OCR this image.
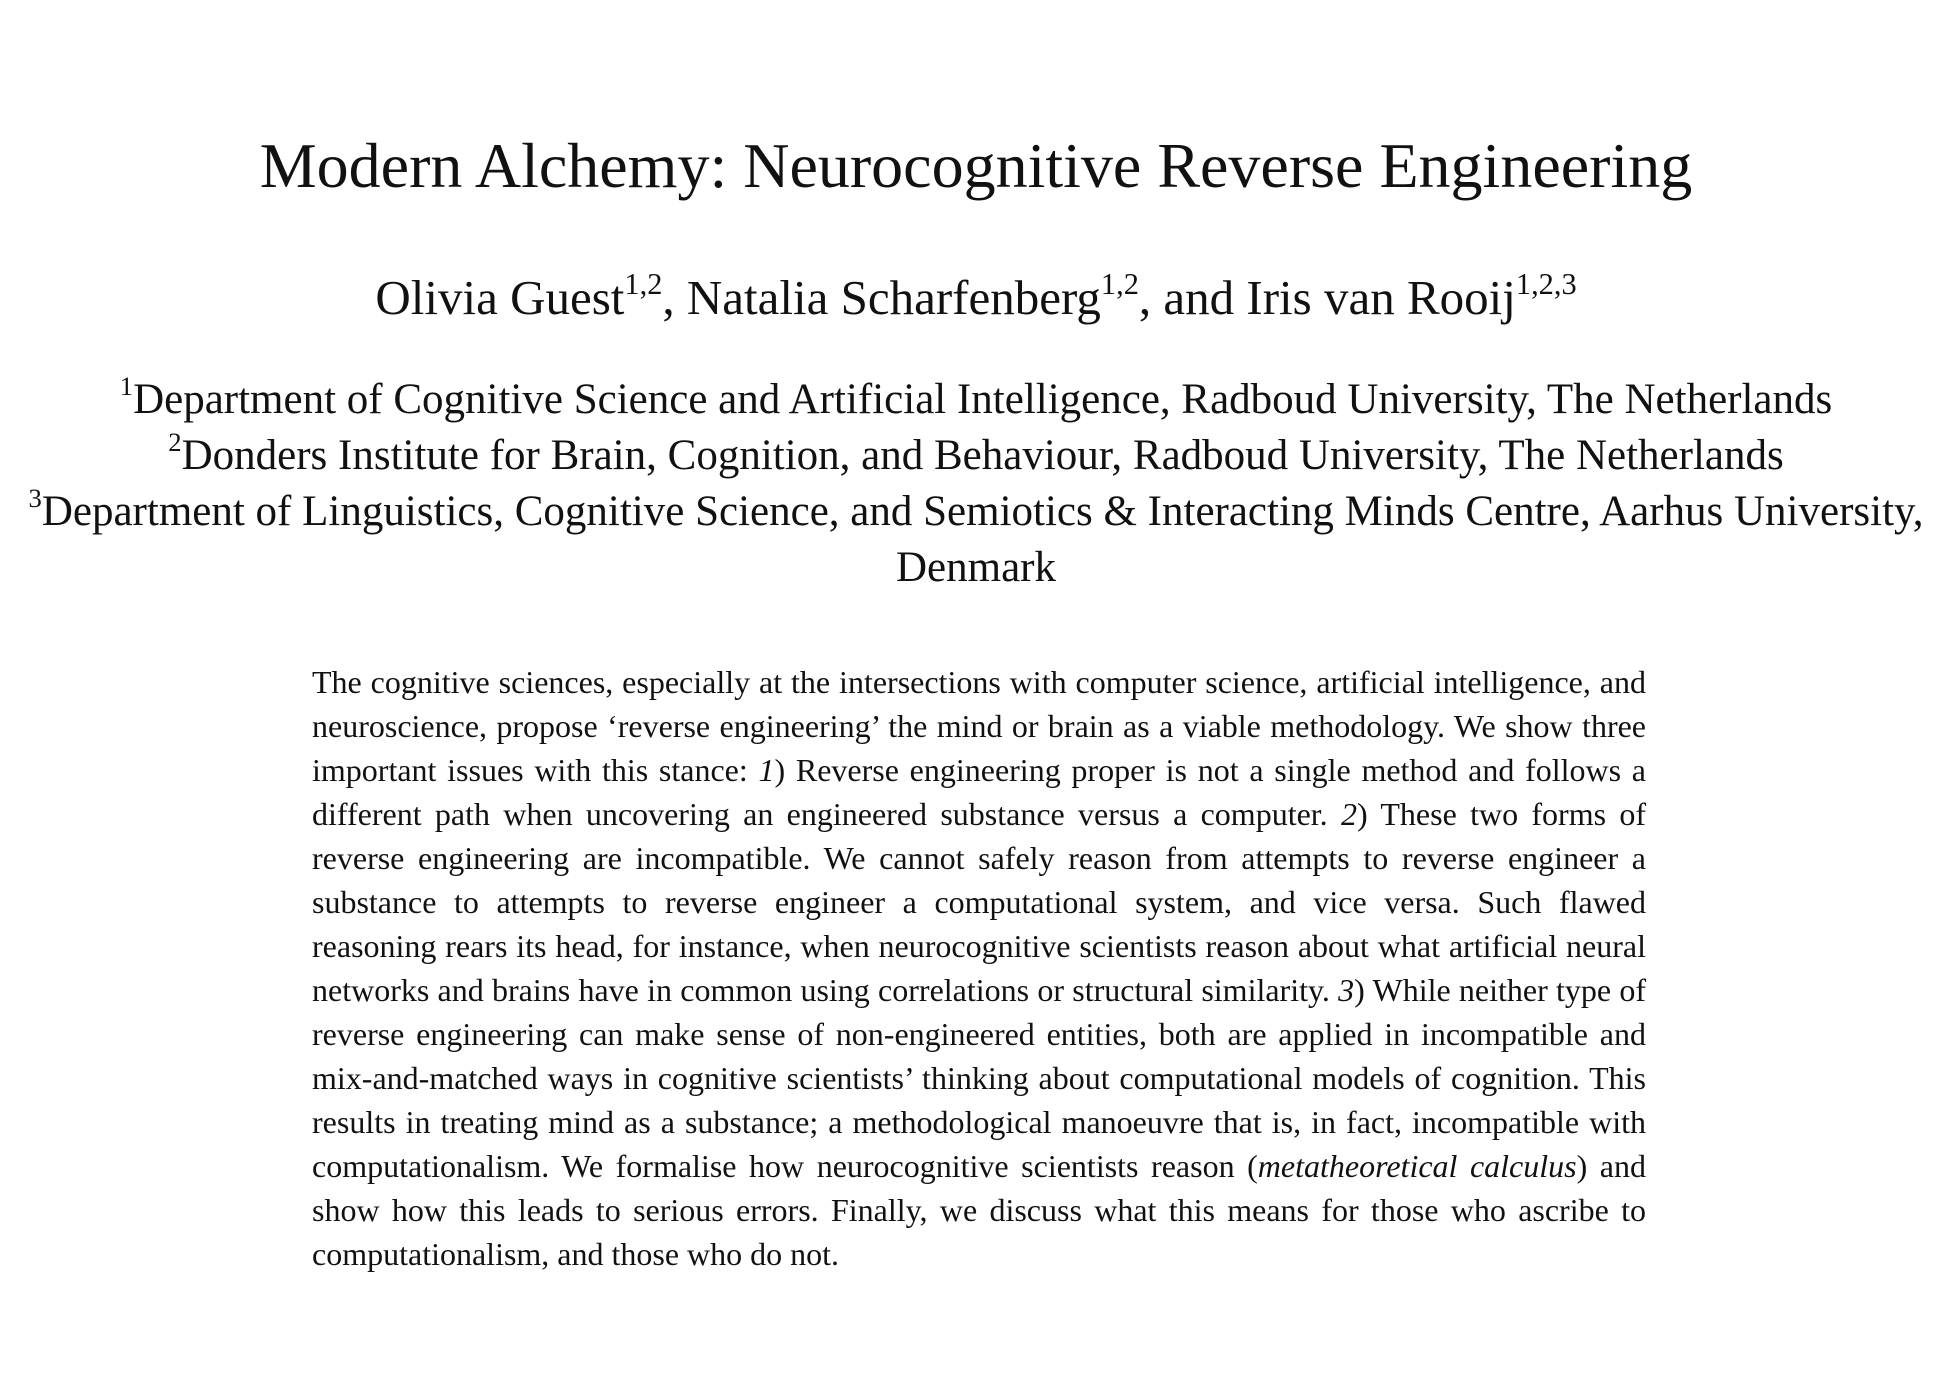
Modern Alchemy: Neurocognitive Reverse Engineering
Olivia Guest$^{1,2}$, Natalia Scharfenberg$^{1,2}$, and Iris van Rooij$^{1,2,3}$
$^1$Department of Cognitive Science and Artificial Intelligence, Radboud University, The Netherlands
$^2$Donders Institute for Brain, Cognition, and Behaviour, Radboud University, The Netherlands
$^3$Department of Linguistics, Cognitive Science, and Semiotics & Interacting Minds Centre, Aarhus University, Denmark

The cognitive sciences, especially at the intersections with computer science, artificial intelligence, and neuroscience, propose ‘reverse engineering’ the mind or brain as a viable methodology. We show three important issues with this stance: 1) Reverse engineering proper is not a single method and follows a different path when uncovering an engineered substance versus a computer. 2) These two forms of reverse engineering are incompatible. We cannot safely reason from attempts to reverse engineer a substance to attempts to reverse engineer a computational system, and vice versa. Such flawed reasoning rears its head, for instance, when neurocognitive scientists reason about what artificial neural networks and brains have in common using correlations or structural similarity. 3) While neither type of reverse engineering can make sense of non-engineered entities, both are applied in incompatible and mix-and-matched ways in cognitive scientists’ thinking about computational models of cognition. This results in treating mind as a substance; a methodological manoeuvre that is, in fact, incompatible with computationalism. We formalise how neurocognitive scientists reason (metatheoretical calculus) and show how this leads to serious errors. Finally, we discuss what this means for those who ascribe to computationalism, and those who do not.
